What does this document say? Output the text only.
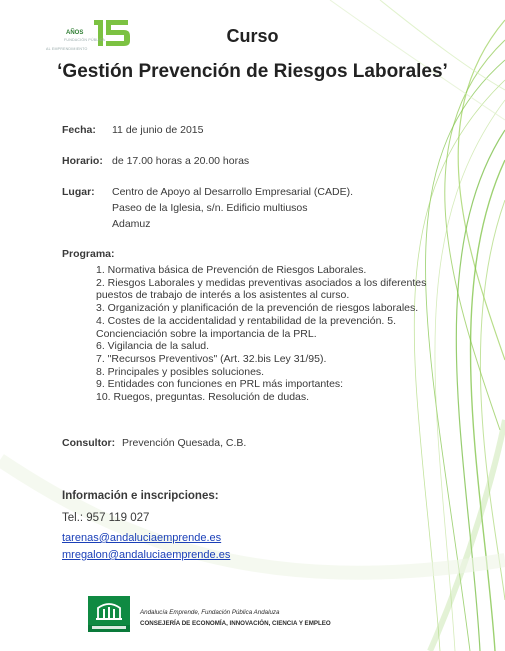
AÑOS
FUNDACIÓN PÚBLICA
AL EMPRENDIMIENTO
Curso
‘Gestión Prevención de Riesgos Laborales’
Fecha: 11 de junio de 2015
Horario: de 17.00 horas a 20.00 horas
Lugar: Centro de Apoyo al Desarrollo Empresarial (CADE).
Paseo de la Iglesia, s/n. Edificio multiusos
Adamuz
Programa:
1. Normativa básica de Prevención de Riesgos Laborales.
2. Riesgos Laborales y medidas preventivas asociados a los diferentes
puestos de trabajo de interés a los asistentes al curso.
3. Organización y planificación de la prevención de riesgos laborales.
4. Costes de la accidentalidad y rentabilidad de la prevención. 5.
Concienciación sobre la importancia de la PRL.
6. Vigilancia de la salud.
7. "Recursos Preventivos" (Art. 32.bis Ley 31/95).
8. Principales y posibles soluciones.
9. Entidades con funciones en PRL más importantes:
10. Ruegos, preguntas. Resolución de dudas.
Consultor: Prevención Quesada, C.B.
Información e inscripciones:
Tel.: 957 119 027
tarenas@andaluciaemprende.es
mregalon@andaluciaemprende.es
Andalucía Emprende, Fundación Pública Andaluza
CONSEJERÍA DE ECONOMÍA, INNOVACIÓN, CIENCIA Y EMPLEO
